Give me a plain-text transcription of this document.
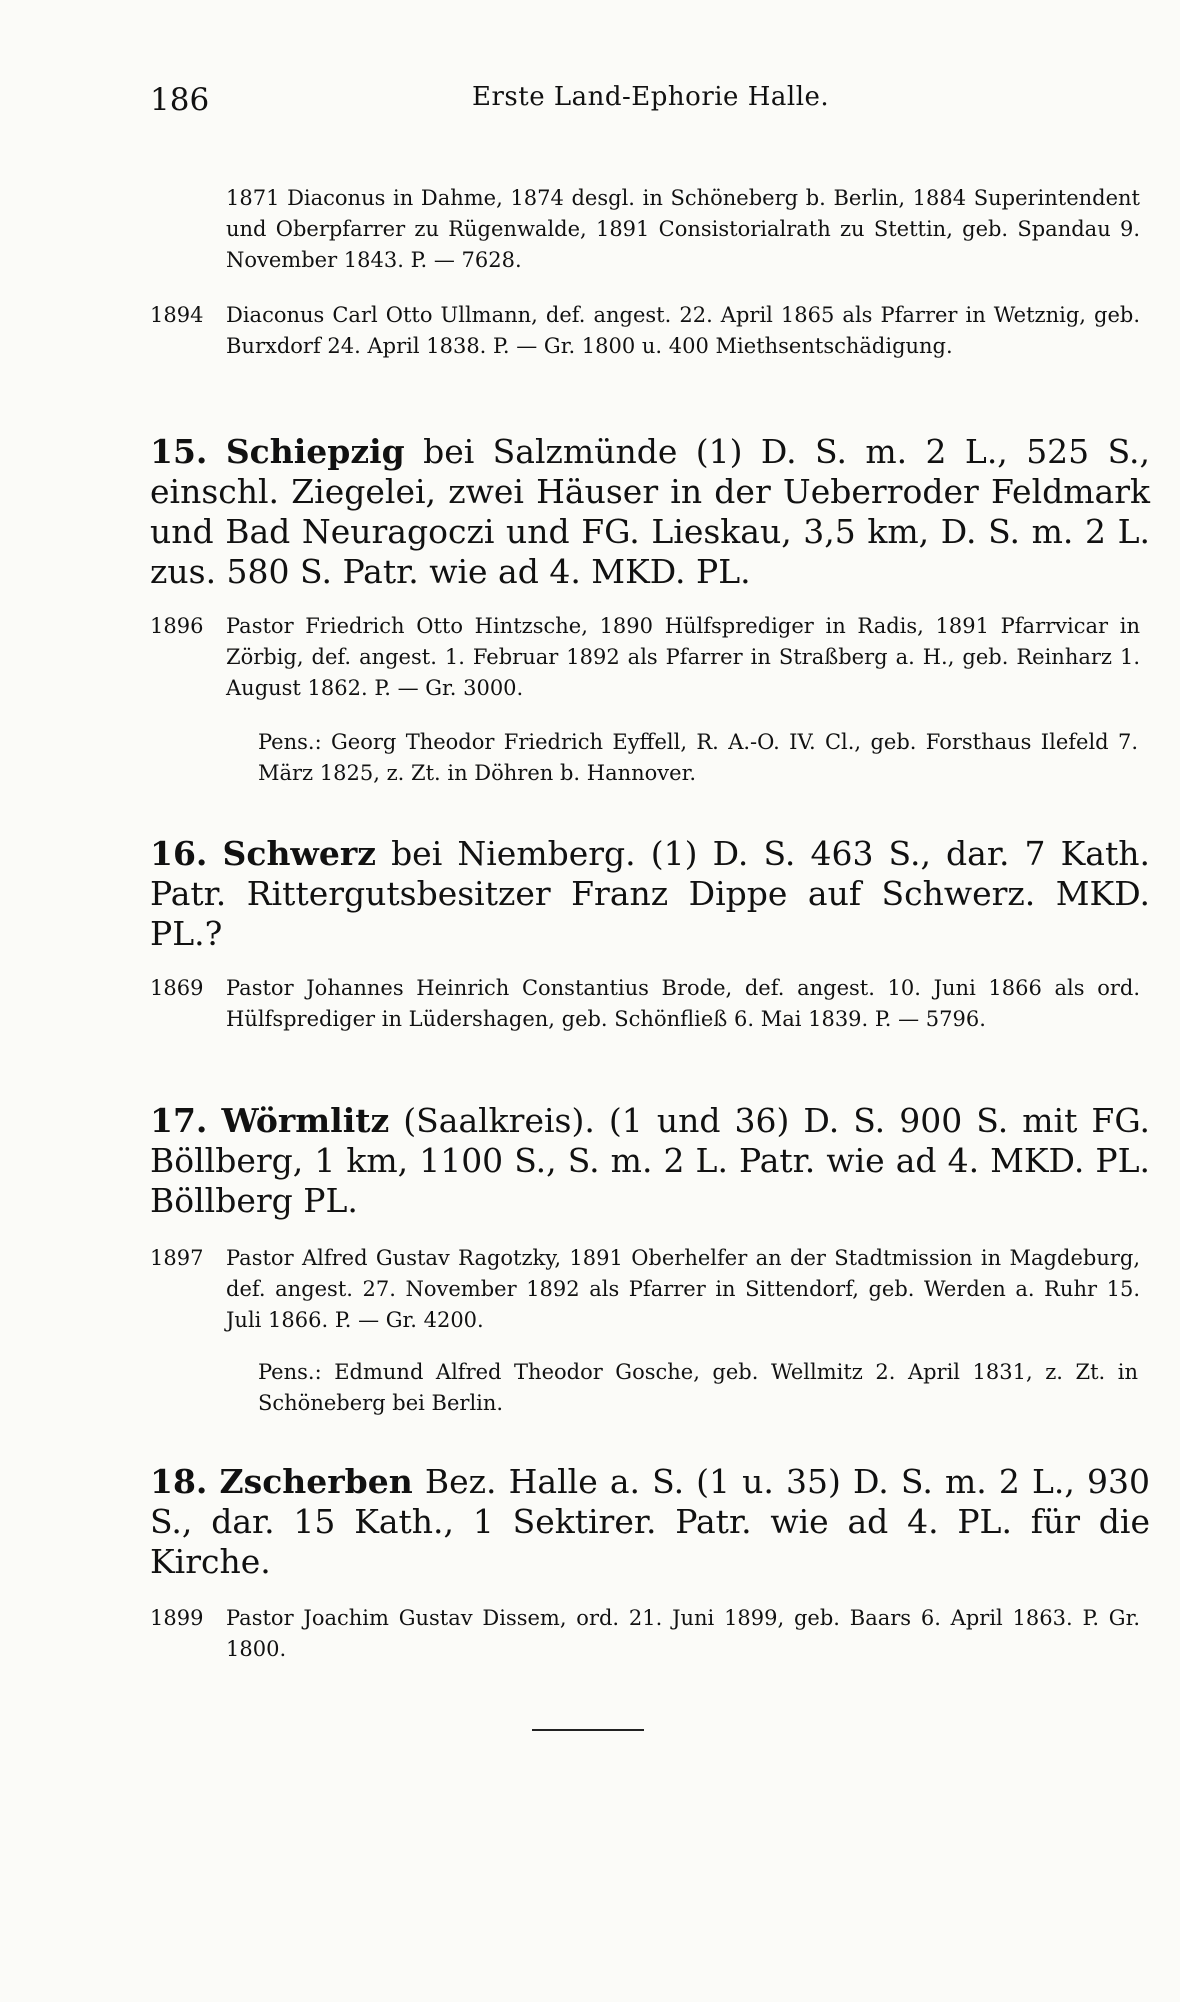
186	Erste Land-Ephorie Halle.
1871 Diaconus in Dahme, 1874 desgl. in Schöneberg b. Berlin, 1884 Superintendent und Oberpfarrer zu Rügenwalde, 1891 Consistorialrath zu Stettin, geb. Spandau 9. November 1843. P. — 7628.
1894	Diaconus Carl Otto Ullmann, def. angest. 22. April 1865 als Pfarrer in Wetznig, geb. Burxdorf 24. April 1838. P. — Gr. 1800 u. 400 Miethsentschädigung.
15. Schiepzig bei Salzmünde (1) D. S. m. 2 L., 525 S., einschl. Ziegelei, zwei Häuser in der Ueberroder Feldmark und Bad Neuragoczi und FG. Lieskau, 3,5 km, D. S. m. 2 L. zus. 580 S. Patr. wie ad 4. MKD. PL.
1896	Pastor Friedrich Otto Hintzsche, 1890 Hülfsprediger in Radis, 1891 Pfarrvicar in Zörbig, def. angest. 1. Februar 1892 als Pfarrer in Straßberg a. H., geb. Reinharz 1. August 1862. P. — Gr. 3000.
Pens.: Georg Theodor Friedrich Eyffell, R. A.-O. IV. Cl., geb. Forsthaus Ilefeld 7. März 1825, z. Zt. in Döhren b. Hannover.
16. Schwerz bei Niemberg. (1) D. S. 463 S., dar. 7 Kath. Patr. Rittergutsbesitzer Franz Dippe auf Schwerz. MKD. PL.?
1869	Pastor Johannes Heinrich Constantius Brode, def. angest. 10. Juni 1866 als ord. Hülfsprediger in Lüdershagen, geb. Schönfließ 6. Mai 1839. P. — 5796.
17. Wörmlitz (Saalkreis). (1 und 36) D. S. 900 S. mit FG. Böllberg, 1 km, 1100 S., S. m. 2 L. Patr. wie ad 4. MKD. PL. Böllberg PL.
1897	Pastor Alfred Gustav Ragotzky, 1891 Oberhelfer an der Stadtmission in Magdeburg, def. angest. 27. November 1892 als Pfarrer in Sittendorf, geb. Werden a. Ruhr 15. Juli 1866. P. — Gr. 4200.
Pens.: Edmund Alfred Theodor Gosche, geb. Wellmitz 2. April 1831, z. Zt. in Schöneberg bei Berlin.
18. Zscherben Bez. Halle a. S. (1 u. 35) D. S. m. 2 L., 930 S., dar. 15 Kath., 1 Sektirer. Patr. wie ad 4. PL. für die Kirche.
1899	Pastor Joachim Gustav Dissem, ord. 21. Juni 1899, geb. Baars 6. April 1863. P. Gr. 1800.
